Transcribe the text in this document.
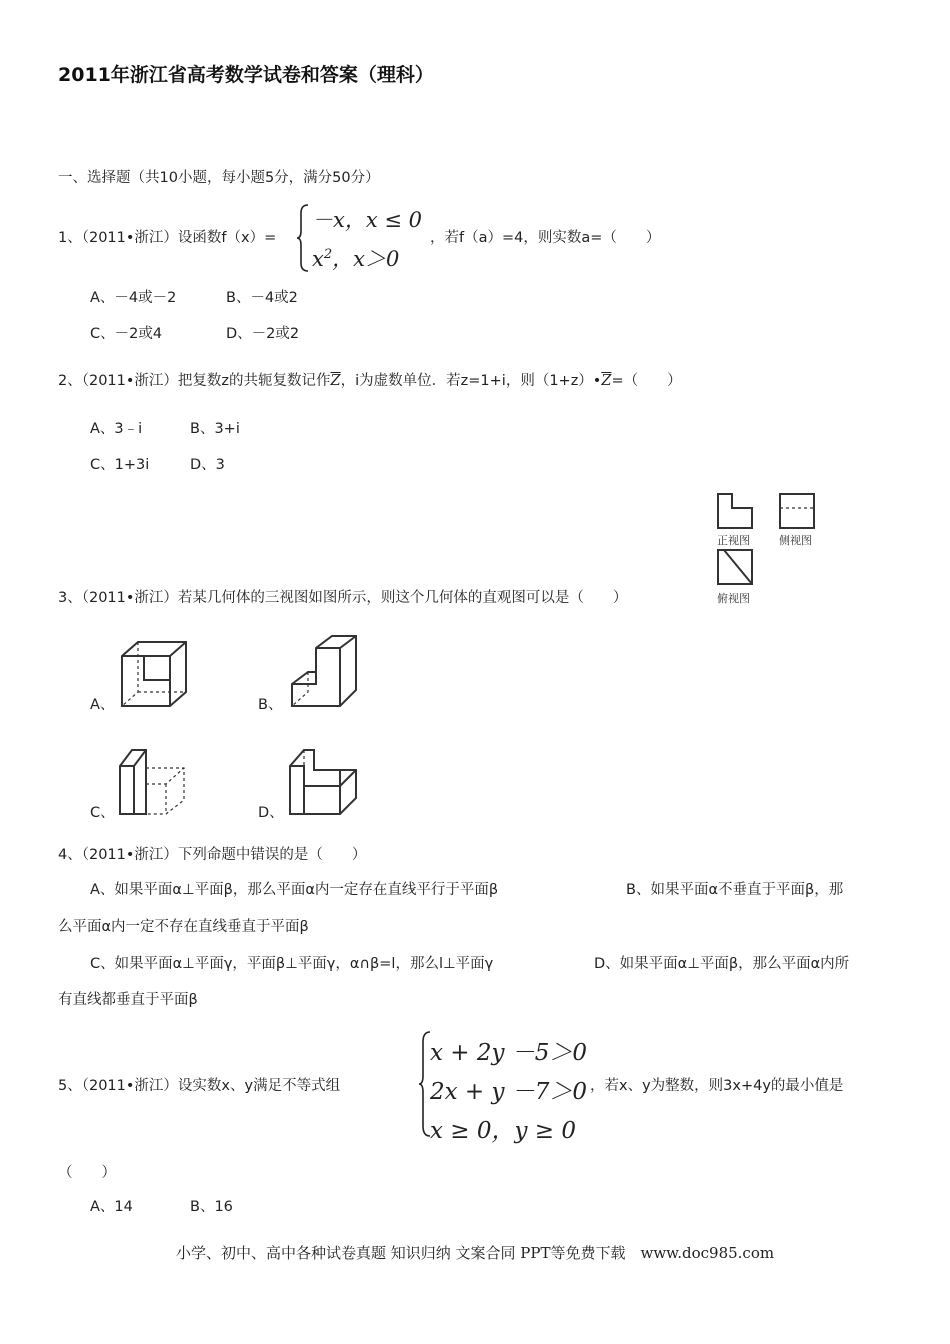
2011年浙江省高考数学试卷和答案（理科）
一、选择题（共10小题，每小题5分，满分50分）
1、（2011•浙江）设函数f（x）=
－x，x ≤ 0
$x^2$，x＞0
，若f（a）=4，则实数a=（　　）
A、－4或－2	B、－4或2
C、－2或4	D、－2或2
2、（2011•浙江）把复数z的共轭复数记作$\overline{Z}$，i为虚数单位．若z=1+i，则$(1+z)•\overline{Z}=$（　　）
A、3﹣i	B、3+i
C、1+3i	D、3
正视图	侧视图
俯视图
3、（2011•浙江）若某几何体的三视图如图所示，则这个几何体的直观图可以是（　　）
A、	B、
C、	D、
4、（2011•浙江）下列命题中错误的是（　　）
A、如果平面α⊥平面β，那么平面α内一定存在直线平行于平面β	B、如果平面α不垂直于平面β，那
么平面α内一定不存在直线垂直于平面β
C、如果平面α⊥平面γ，平面β⊥平面γ，α∩β=l，那么l⊥平面γ	D、如果平面α⊥平面β，那么平面α内所
有直线都垂直于平面β
5、（2011•浙江）设实数x、y满足不等式组
x + 2y －5＞0
2x + y －7＞0
x ≥ 0，y ≥ 0
，若x、y为整数，则3x+4y的最小值是
（　　）
A、14	B、16
小学、初中、高中各种试卷真题 知识归纳 文案合同 PPT等免费下载　www.doc985.com
